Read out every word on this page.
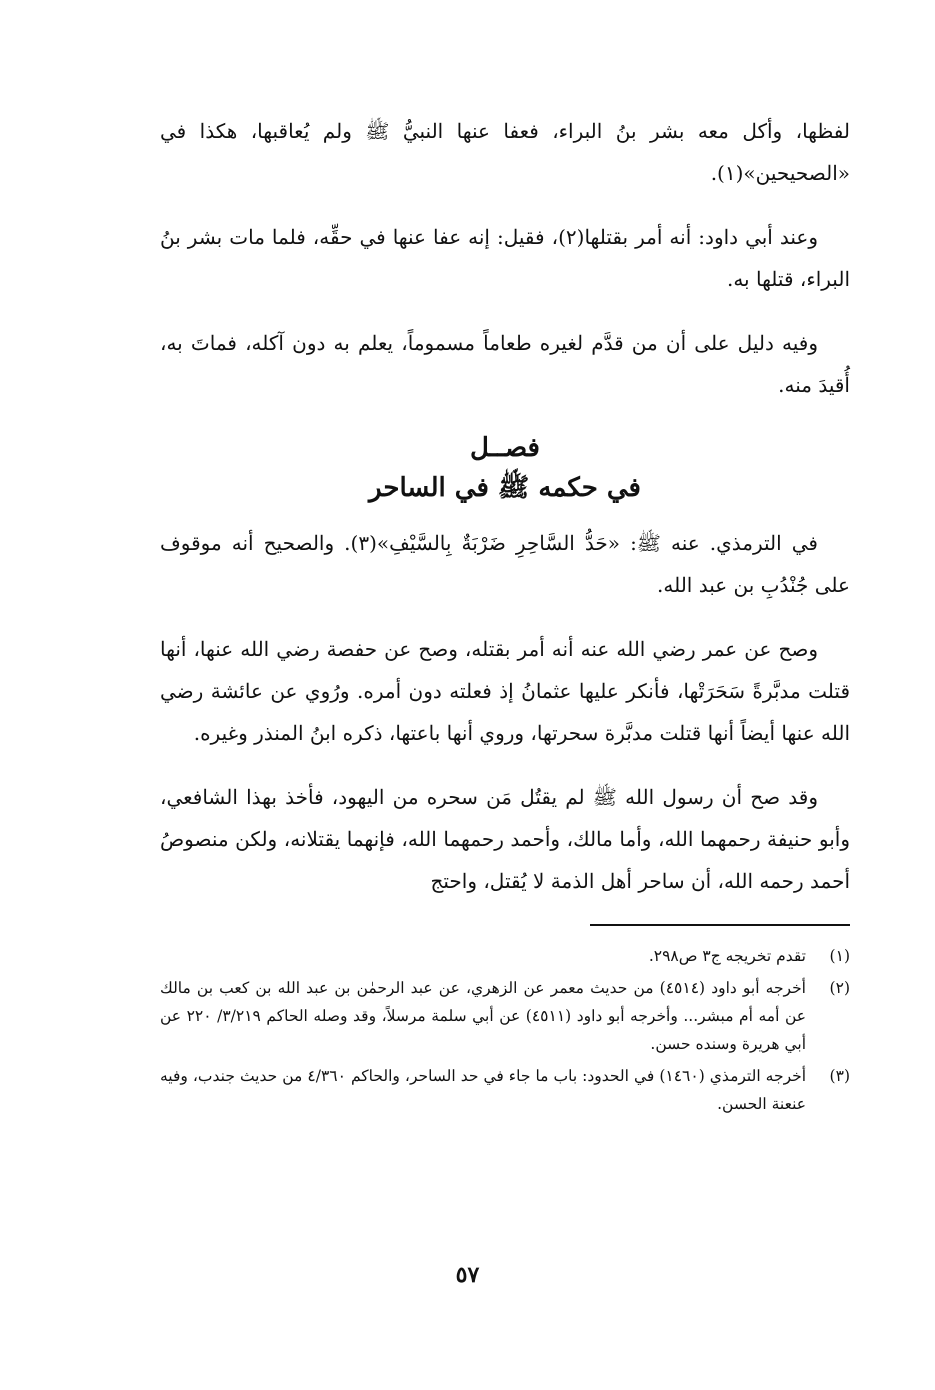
لفظها، وأكل معه بشر بنُ البراء، فعفا عنها النبيُّ ﷺ ولم يُعاقبها، هكذا في «الصحيحين»(١).

وعند أبي داود: أنه أمر بقتلها(٢)، فقيل: إنه عفا عنها في حقِّه، فلما مات بشر بنُ البراء، قتلها به.

وفيه دليل على أن من قدَّم لغيره طعاماً مسموماً، يعلم به دون آكله، فماتَ به، أُقيدَ منه.

فصــل
في حكمه ﷺ في الساحر

في الترمذي. عنه ﷺ: «حَدُّ السَّاحِرِ ضَرْبَةٌ بِالسَّيْفِ»(٣). والصحيح أنه موقوف على جُنْدُبِ بن عبد الله.

وصح عن عمر رضي الله عنه أنه أمر بقتله، وصح عن حفصة رضي الله عنها، أنها قتلت مدبَّرةً سَحَرَتْها، فأنكر عليها عثمانُ إذ فعلته دون أمره. ورُوي عن عائشة رضي الله عنها أيضاً أنها قتلت مدبَّرة سحرتها، وروي أنها باعتها، ذكره ابنُ المنذر وغيره.

وقد صح أن رسول الله ﷺ لم يقتُل مَن سحره من اليهود، فأخذ بهذا الشافعي، وأبو حنيفة رحمهما الله، وأما مالك، وأحمد رحمهما الله، فإنهما يقتلانه، ولكن منصوصُ أحمد رحمه الله، أن ساحر أهل الذمة لا يُقتل، واحتج

(١)
تقدم تخريجه ج٣ ص٢٩٨.
(٢)
أخرجه أبو داود (٤٥١٤) من حديث معمر عن الزهري، عن عبد الرحمٰن بن عبد الله بن كعب بن مالك عن أمه أم مبشر... وأخرجه أبو داود (٤٥١١) عن أبي سلمة مرسلاً، وقد وصله الحاكم ٣/٢١٩/ ٢٢٠ عن أبي هريرة وسنده حسن.
(٣)
أخرجه الترمذي (١٤٦٠) في الحدود: باب ما جاء في حد الساحر، والحاكم ٤/٣٦٠ من حديث جندب، وفيه عنعنة الحسن.
٥٧
